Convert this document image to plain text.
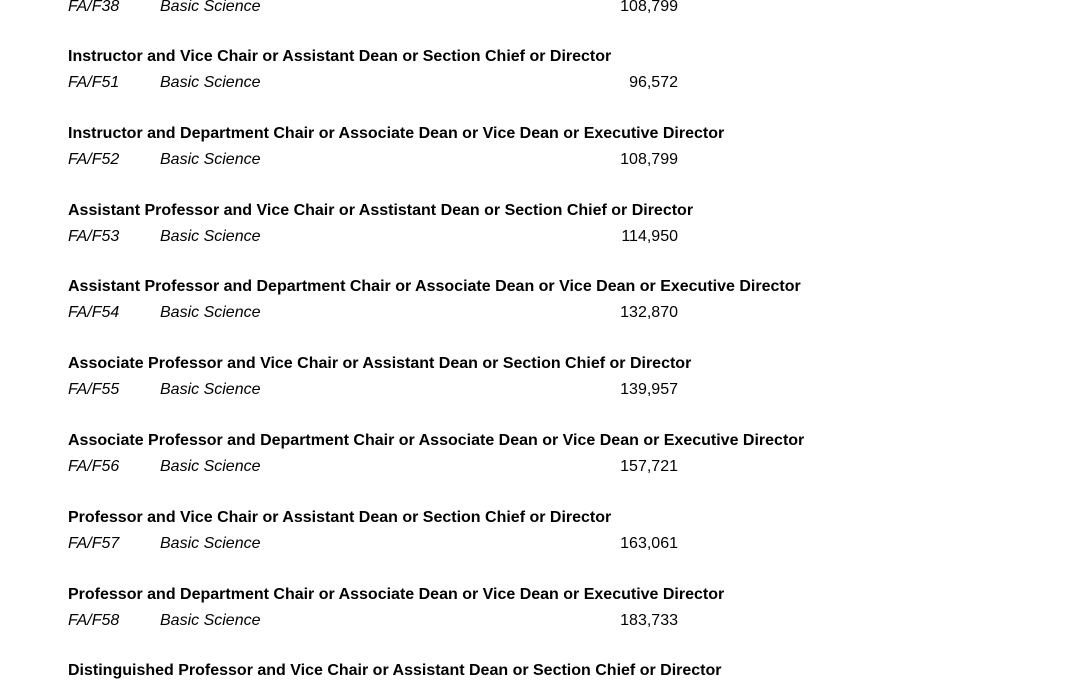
FA/F38	Basic Science	108,799
Instructor and Vice Chair or Assistant Dean or Section Chief or Director
FA/F51	Basic Science	96,572
Instructor and Department Chair or Associate Dean or Vice Dean or Executive Director
FA/F52	Basic Science	108,799
Assistant Professor and Vice Chair or Asstistant Dean or Section Chief or Director
FA/F53	Basic Science	114,950
Assistant Professor and Department Chair or Associate Dean or Vice Dean or Executive Director
FA/F54	Basic Science	132,870
Associate Professor and Vice Chair or Assistant Dean or Section Chief or Director
FA/F55	Basic Science	139,957
Associate Professor and Department Chair or Associate Dean or Vice Dean or Executive Director
FA/F56	Basic Science	157,721
Professor and Vice Chair or Assistant Dean or Section Chief or Director
FA/F57	Basic Science	163,061
Professor and Department Chair or Associate Dean or Vice Dean or Executive Director
FA/F58	Basic Science	183,733
Distinguished Professor and Vice Chair or Assistant Dean or Section Chief or Director
